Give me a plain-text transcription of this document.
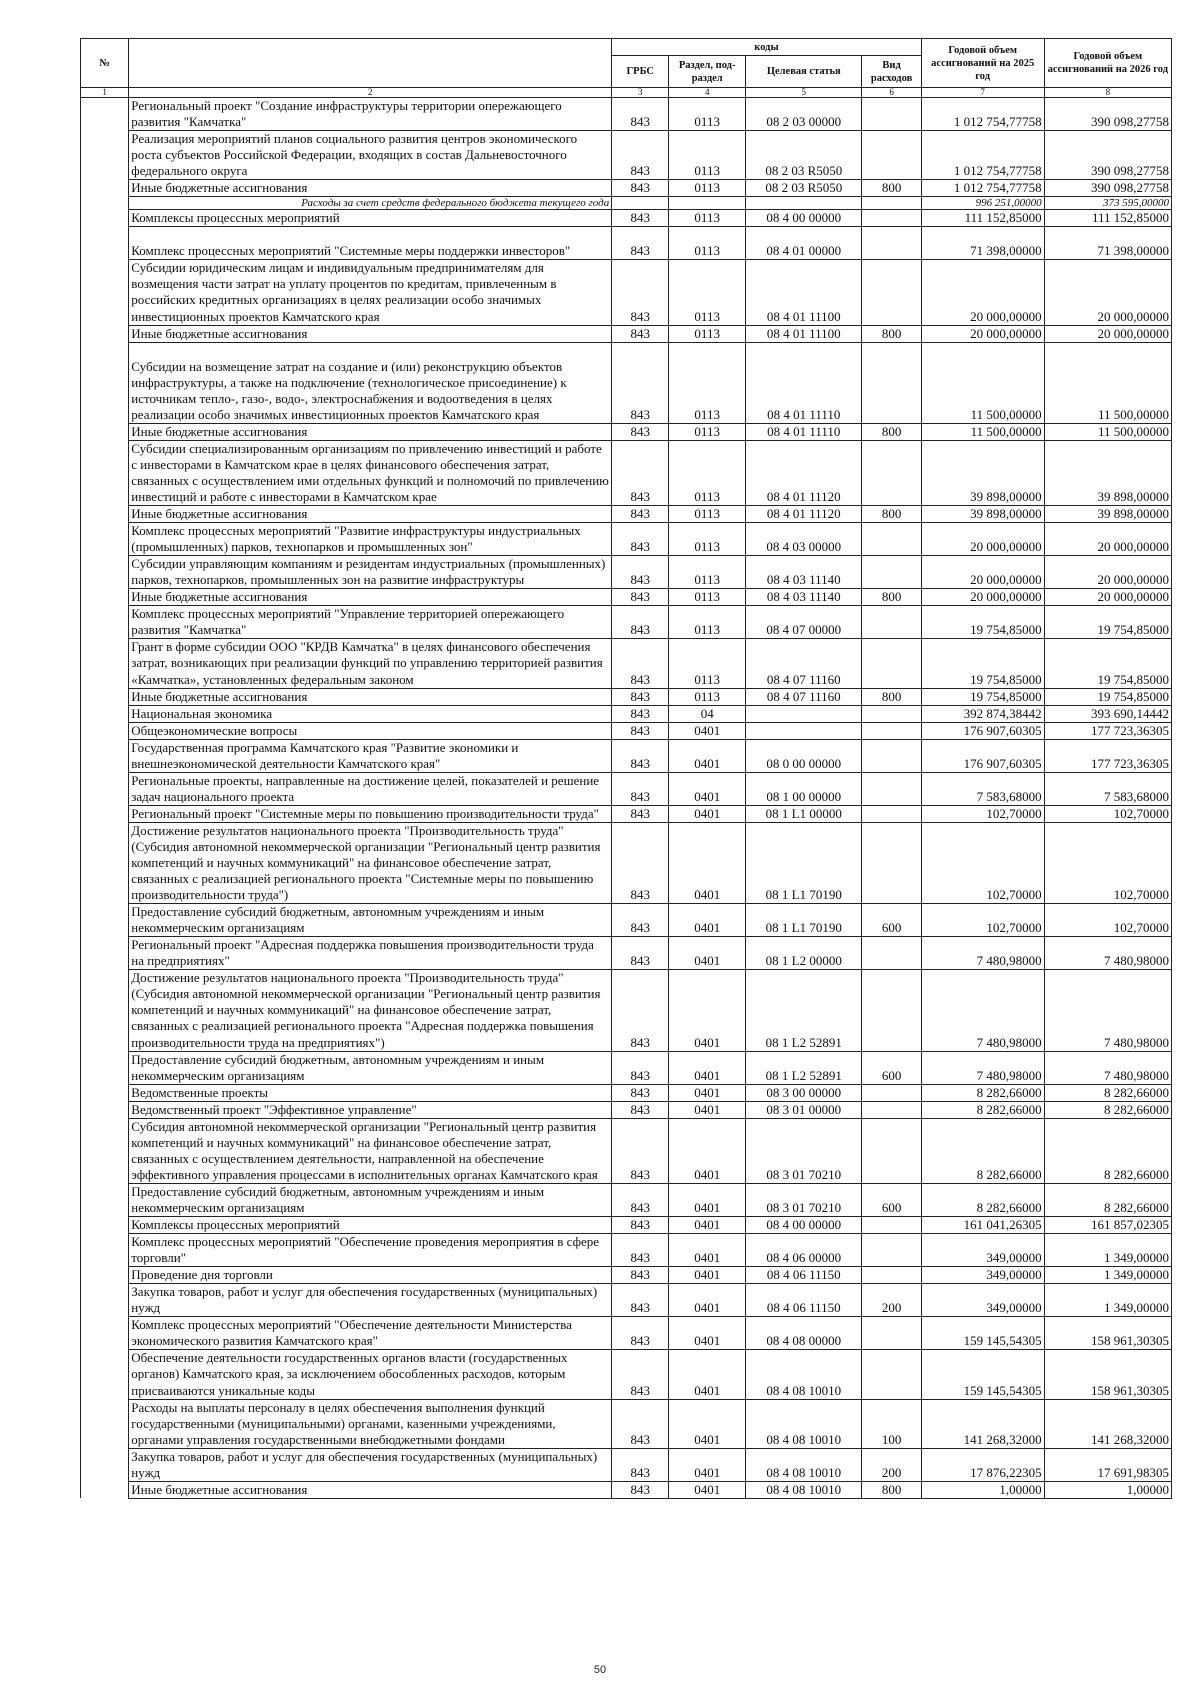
№		коды				Годовой объем ассигнований на 2025 год	Годовой объем ассигнований на 2026 год
		ГРБС	Раздел, под-раздел	Целевая статья	Вид расходов		
1	2	3	4	5	6	7	8
	Региональный проект "Создание инфраструктуры территории опережающего развития "Камчатка"	843	0113	08 2 03 00000		1 012 754,77758	390 098,27758
	Реализация мероприятий планов социального развития центров экономического роста субъектов Российской Федерации, входящих в состав Дальневосточного федерального округа	843	0113	08 2 03 R5050		1 012 754,77758	390 098,27758
	Иные бюджетные ассигнования	843	0113	08 2 03 R5050	800	1 012 754,77758	390 098,27758
	Расходы за счет средств федерального бюджета текущего года					996 251,00000	373 595,00000
	Комплексы процессных мероприятий	843	0113	08 4 00 00000		111 152,85000	111 152,85000
	Комплекс процессных мероприятий "Системные меры поддержки инвесторов"	843	0113	08 4 01 00000		71 398,00000	71 398,00000
	Субсидии юридическим лицам и индивидуальным предпринимателям для возмещения части затрат на уплату процентов по кредитам, привлеченным в российских кредитных организациях в целях реализации особо значимых инвестиционных проектов Камчатского края	843	0113	08 4 01 11100		20 000,00000	20 000,00000
	Иные бюджетные ассигнования	843	0113	08 4 01 11100	800	20 000,00000	20 000,00000
	Субсидии на возмещение затрат на создание и (или) реконструкцию объектов инфраструктуры, а также на подключение (технологическое присоединение) к источникам тепло-, газо-, водо-, электроснабжения и водоотведения в целях реализации особо значимых инвестиционных проектов Камчатского края	843	0113	08 4 01 11110		11 500,00000	11 500,00000
	Иные бюджетные ассигнования	843	0113	08 4 01 11110	800	11 500,00000	11 500,00000
	Субсидии специализированным организациям по привлечению инвестиций и работе с инвесторами в Камчатском крае в целях финансового обеспечения затрат, связанных с осуществлением ими отдельных функций и полномочий по привлечению инвестиций и работе с инвесторами в Камчатском крае	843	0113	08 4 01 11120		39 898,00000	39 898,00000
	Иные бюджетные ассигнования	843	0113	08 4 01 11120	800	39 898,00000	39 898,00000
	Комплекс процессных мероприятий "Развитие инфраструктуры индустриальных (промышленных) парков, технопарков и промышленных зон"	843	0113	08 4 03 00000		20 000,00000	20 000,00000
	Субсидии управляющим компаниям и резидентам индустриальных (промышленных) парков, технопарков, промышленных зон на развитие инфраструктуры	843	0113	08 4 03 11140		20 000,00000	20 000,00000
	Иные бюджетные ассигнования	843	0113	08 4 03 11140	800	20 000,00000	20 000,00000
	Комплекс процессных мероприятий "Управление территорией опережающего развития "Камчатка"	843	0113	08 4 07 00000		19 754,85000	19 754,85000
	Грант в форме субсидии ООО "КРДВ Камчатка" в целях финансового обеспечения затрат, возникающих при реализации функций по управлению территорией развития «Камчатка», установленных федеральным законом	843	0113	08 4 07 11160		19 754,85000	19 754,85000
	Иные бюджетные ассигнования	843	0113	08 4 07 11160	800	19 754,85000	19 754,85000
	Национальная экономика	843	04			392 874,38442	393 690,14442
	Общеэкономические вопросы	843	0401			176 907,60305	177 723,36305
	Государственная программа Камчатского края "Развитие экономики и внешнеэкономической деятельности Камчатского края"	843	0401	08 0 00 00000		176 907,60305	177 723,36305
	Региональные проекты, направленные на достижение целей, показателей и решение задач национального проекта	843	0401	08 1 00 00000		7 583,68000	7 583,68000
	Региональный проект "Системные меры по повышению производительности труда"	843	0401	08 1 L1 00000		102,70000	102,70000
	Достижение результатов национального проекта "Производительность труда" (Субсидия автономной некоммерческой организации "Региональный центр развития компетенций и научных коммуникаций" на финансовое обеспечение затрат, связанных с реализацией регионального проекта "Системные меры по повышению производительности труда")	843	0401	08 1 L1 70190		102,70000	102,70000
	Предоставление субсидий бюджетным, автономным учреждениям и иным некоммерческим организациям	843	0401	08 1 L1 70190	600	102,70000	102,70000
	Региональный проект "Адресная поддержка повышения производительности труда на предприятиях"	843	0401	08 1 L2 00000		7 480,98000	7 480,98000
	Достижение результатов национального проекта "Производительность труда" (Субсидия автономной некоммерческой организации "Региональный центр развития компетенций и научных коммуникаций" на финансовое обеспечение затрат, связанных с реализацией регионального проекта "Адресная поддержка повышения производительности труда на предприятиях")	843	0401	08 1 L2 52891		7 480,98000	7 480,98000
	Предоставление субсидий бюджетным, автономным учреждениям и иным некоммерческим организациям	843	0401	08 1 L2 52891	600	7 480,98000	7 480,98000
	Ведомственные проекты	843	0401	08 3 00 00000		8 282,66000	8 282,66000
	Ведомственный проект "Эффективное управление"	843	0401	08 3 01 00000		8 282,66000	8 282,66000
	Субсидия автономной некоммерческой организации "Региональный центр развития компетенций и научных коммуникаций" на финансовое обеспечение затрат, связанных с осуществлением деятельности, направленной на обеспечение эффективного управления процессами в исполнительных органах Камчатского края	843	0401	08 3 01 70210		8 282,66000	8 282,66000
	Предоставление субсидий бюджетным, автономным учреждениям и иным некоммерческим организациям	843	0401	08 3 01 70210	600	8 282,66000	8 282,66000
	Комплексы процессных мероприятий	843	0401	08 4 00 00000		161 041,26305	161 857,02305
	Комплекс процессных мероприятий "Обеспечение проведения мероприятия в сфере торговли"	843	0401	08 4 06 00000		349,00000	1 349,00000
	Проведение дня торговли	843	0401	08 4 06 11150		349,00000	1 349,00000
	Закупка товаров, работ и услуг для обеспечения государственных (муниципальных) нужд	843	0401	08 4 06 11150	200	349,00000	1 349,00000
	Комплекс процессных мероприятий "Обеспечение деятельности Министерства экономического развития Камчатского края"	843	0401	08 4 08 00000		159 145,54305	158 961,30305
	Обеспечение деятельности государственных органов власти (государственных органов) Камчатского края, за исключением обособленных расходов, которым присваиваются уникальные коды	843	0401	08 4 08 10010		159 145,54305	158 961,30305
	Расходы на выплаты персоналу в целях обеспечения выполнения функций государственными (муниципальными) органами, казенными учреждениями, органами управления государственными внебюджетными фондами	843	0401	08 4 08 10010	100	141 268,32000	141 268,32000
	Закупка товаров, работ и услуг для обеспечения государственных (муниципальных) нужд	843	0401	08 4 08 10010	200	17 876,22305	17 691,98305
	Иные бюджетные ассигнования	843	0401	08 4 08 10010	800	1,00000	1,00000
50
